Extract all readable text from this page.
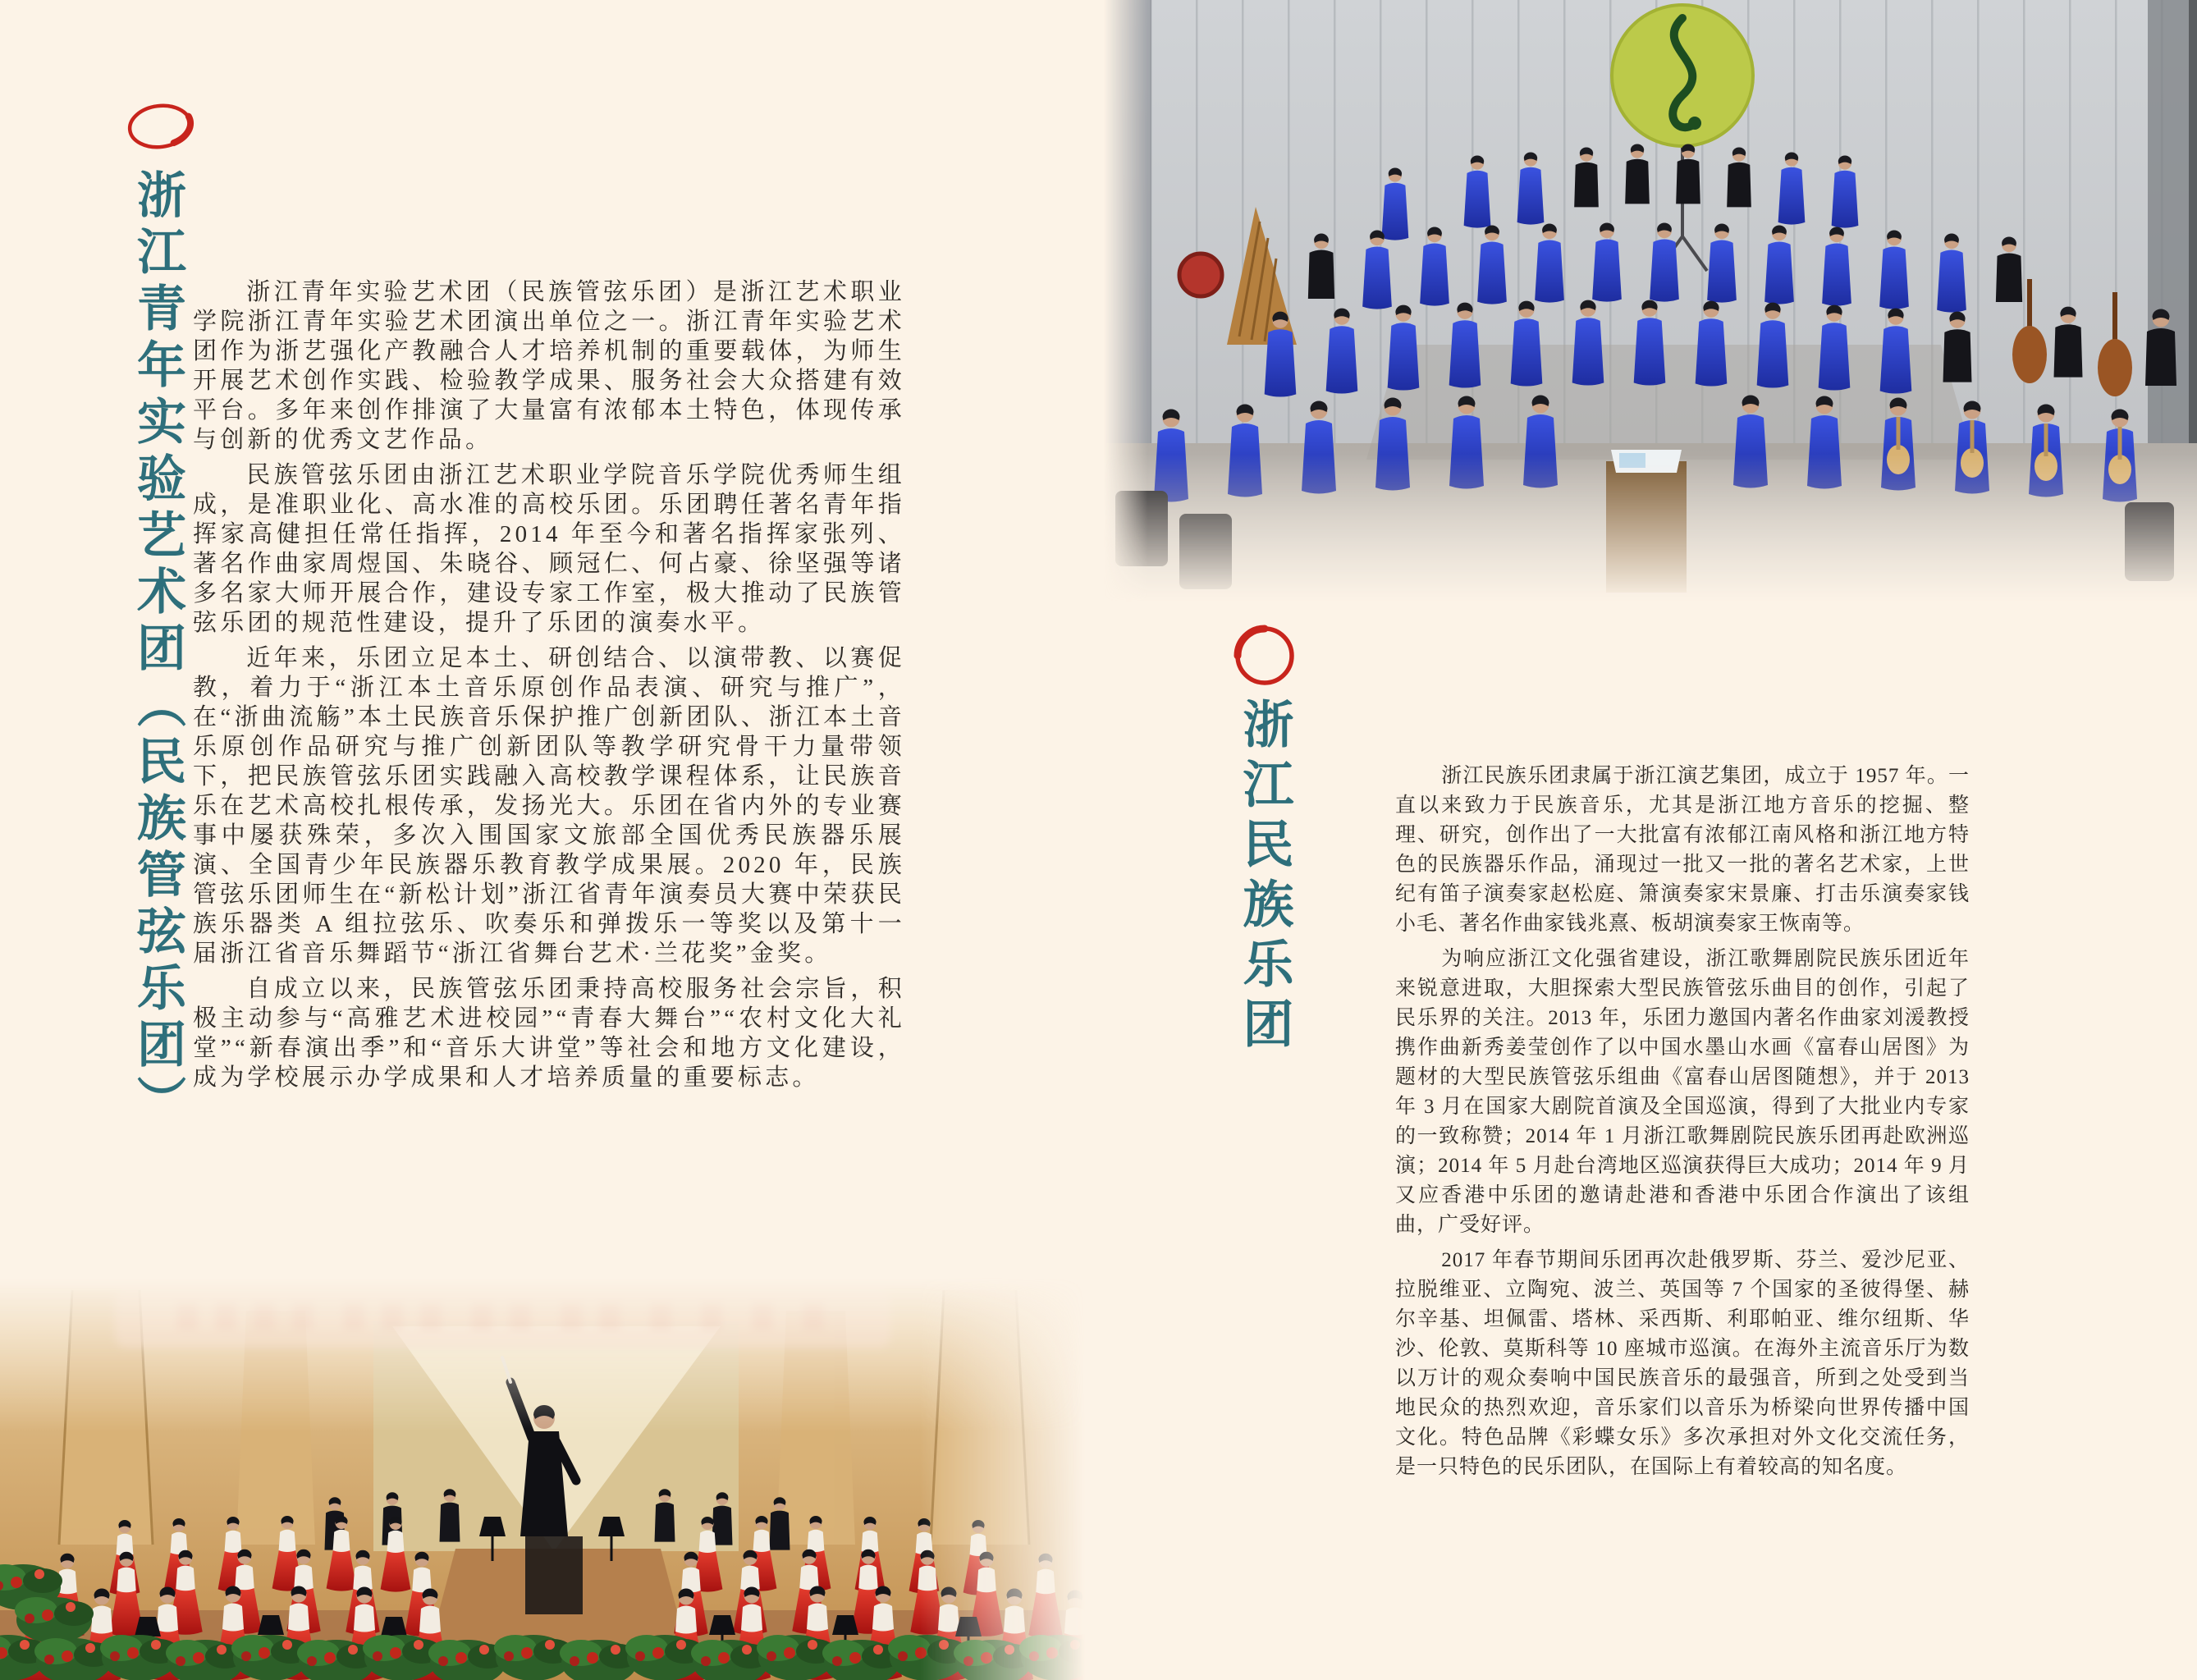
浙江青年实验艺术团（民族管弦乐团）	浙江民族乐团

浙江青年实验艺术团（民族管弦乐团）是浙江艺术职业学院浙江青年实验艺术团演出单位之一。浙江青年实验艺术团作为浙艺强化产教融合人才培养机制的重要载体，为师生开展艺术创作实践、检验教学成果、服务社会大众搭建有效平台。多年来创作排演了大量富有浓郁本土特色，体现传承与创新的优秀文艺作品。

民族管弦乐团由浙江艺术职业学院音乐学院优秀师生组成，是准职业化、高水准的高校乐团。乐团聘任著名青年指挥家高健担任常任指挥，2014 年至今和著名指挥家张列、著名作曲家周煜国、朱晓谷、顾冠仁、何占豪、徐坚强等诸多名家大师开展合作，建设专家工作室，极大推动了民族管弦乐团的规范性建设，提升了乐团的演奏水平。

近年来，乐团立足本土、研创结合、以演带教、以赛促教，着力于“浙江本土音乐原创作品表演、研究与推广”，在“浙曲流觞”本土民族音乐保护推广创新团队、浙江本土音乐原创作品研究与推广创新团队等教学研究骨干力量带领下，把民族管弦乐团实践融入高校教学课程体系，让民族音乐在艺术高校扎根传承，发扬光大。乐团在省内外的专业赛事中屡获殊荣，多次入围国家文旅部全国优秀民族器乐展演、全国青少年民族器乐教育教学成果展。2020 年，民族管弦乐团师生在“新松计划”浙江省青年演奏员大赛中荣获民族乐器类 A 组拉弦乐、吹奏乐和弹拨乐一等奖以及第十一届浙江省音乐舞蹈节“浙江省舞台艺术·兰花奖”金奖。

自成立以来，民族管弦乐团秉持高校服务社会宗旨，积极主动参与“高雅艺术进校园”“青春大舞台”“农村文化大礼堂”“新春演出季”和“音乐大讲堂”等社会和地方文化建设，成为学校展示办学成果和人才培养质量的重要标志。

浙江民族乐团隶属于浙江演艺集团，成立于 1957 年。一直以来致力于民族音乐，尤其是浙江地方音乐的挖掘、整理、研究，创作出了一大批富有浓郁江南风格和浙江地方特色的民族器乐作品，涌现过一批又一批的著名艺术家，上世纪有笛子演奏家赵松庭、箫演奏家宋景廉、打击乐演奏家钱小毛、著名作曲家钱兆熹、板胡演奏家王恢南等。

为响应浙江文化强省建设，浙江歌舞剧院民族乐团近年来锐意进取，大胆探索大型民族管弦乐曲目的创作，引起了民乐界的关注。2013 年，乐团力邀国内著名作曲家刘湲教授携作曲新秀姜莹创作了以中国水墨山水画《富春山居图》为题材的大型民族管弦乐组曲《富春山居图随想》，并于 2013 年 3 月在国家大剧院首演及全国巡演，得到了大批业内专家的一致称赞；2014 年 1 月浙江歌舞剧院民族乐团再赴欧洲巡演；2014 年 5 月赴台湾地区巡演获得巨大成功；2014 年 9 月又应香港中乐团的邀请赴港和香港中乐团合作演出了该组曲，广受好评。

2017 年春节期间乐团再次赴俄罗斯、芬兰、爱沙尼亚、拉脱维亚、立陶宛、波兰、英国等 7 个国家的圣彼得堡、赫尔辛基、坦佩雷、塔林、采西斯、利耶帕亚、维尔纽斯、华沙、伦敦、莫斯科等 10 座城市巡演。在海外主流音乐厅为数以万计的观众奏响中国民族音乐的最强音，所到之处受到当地民众的热烈欢迎，音乐家们以音乐为桥梁向世界传播中国文化。特色品牌《彩蝶女乐》多次承担对外文化交流任务，是一只特色的民乐团队，在国际上有着较高的知名度。
